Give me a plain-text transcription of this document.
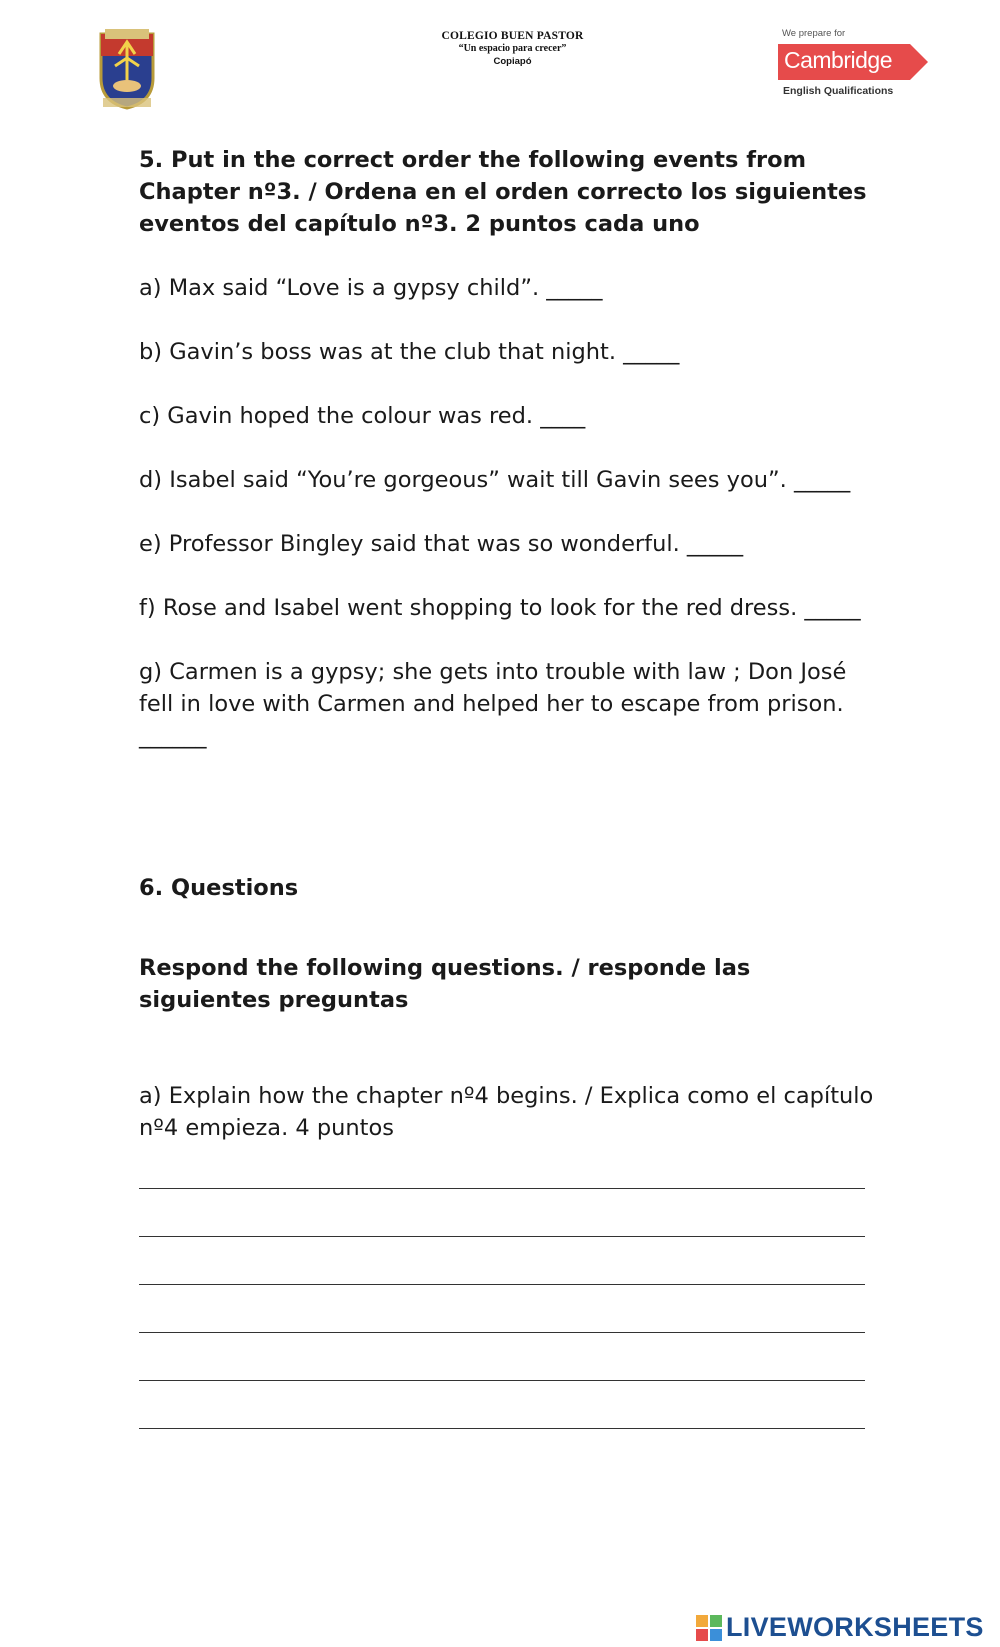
COLEGIO BUEN PASTOR
“Un espacio para crecer”
Copiapó
We prepare for
Cambridge
English Qualifications

5. Put in the correct order the following events from Chapter nº3. / Ordena en el orden correcto los siguientes eventos del capítulo nº3. 2 puntos cada uno

a) Max said “Love is a gypsy child”. _____

b) Gavin’s boss was at the club that night. _____

c) Gavin hoped the colour was red. ____

d) Isabel said “You’re gorgeous” wait till Gavin sees you”. _____

e) Professor Bingley said that was so wonderful. _____

f) Rose and Isabel went shopping to look for the red dress. _____

g) Carmen is a gypsy; she gets into trouble with law ; Don José fell in love with Carmen and helped her to escape from prison. ______

6. Questions

Respond the following questions. / responde las siguientes preguntas

a) Explain how the chapter nº4 begins. / Explica como el capítulo nº4 empieza. 4 puntos

LIVEWORKSHEETS
